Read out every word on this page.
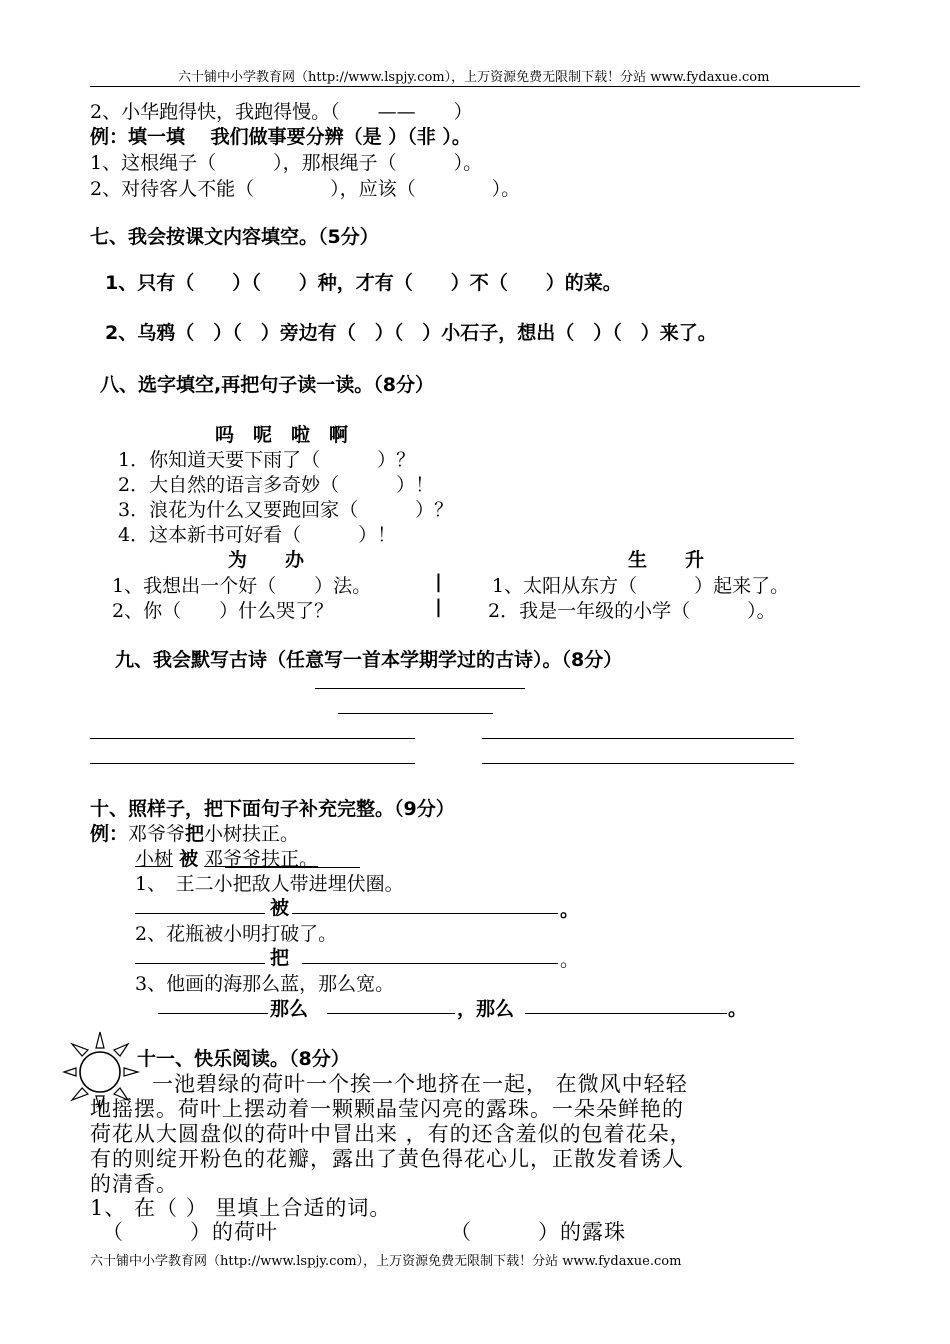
六十铺中小学教育网（http://www.lspjy.com），上万资源免费无限制下载！分站 www.fydaxue.com
2、小华跑得快，我跑得慢。（　　——　　）
例：填一填　 我们做事要分辨（是 ）（非 ）。
1、这根绳子（　　　），那根绳子（　　　）。
2、对待客人不能（　　　　），应该（　　　　）。
七、我会按课文内容填空。（5分）
1、只有（　　）（　　）种，才有（　　）不（　　）的菜。
2、乌鸦（　）（　）旁边有（　）（　）小石子，想出（　）（　）来了。
八、选字填空,再把句子读一读。（8分）
吗　呢　啦　啊
1．你知道天要下雨了（　　　）？
2．大自然的语言多奇妙（　　　）！
3．浪花为什么又要跑回家（　　　）？
4．这本新书可好看（　　　）！
为　　办	生　　升
1、我想出一个好（　　）法。	|	1、太阳从东方（　　　）起来了。
2、你（　　）什么哭了？	| 2．我是一年级的小学（　　　）。
九、我会默写古诗（任意写一首本学期学过的古诗）。（8分）
十、照样子，把下面句子补充完整。（9分）
例：邓爷爷把小树扶正。
小树 被 邓爷爷扶正。
1、　王二小把敌人带进埋伏圈。
被	。
2、花瓶被小明打破了。
把	。
3、他画的海那么蓝，那么宽。
那么	，那么	。
十一、快乐阅读。（8分）
　一池碧绿的荷叶一个挨一个地挤在一起， 在微风中轻轻
地摇摆。荷叶上摆动着一颗颗晶莹闪亮的露珠。一朵朵鲜艳的
荷花从大圆盘似的荷叶中冒出来 ，有的还含羞似的包着花朵，
有的则绽开粉色的花瓣，露出了黄色得花心儿，正散发着诱人
的清香。
1、 在（ ） 里填上合适的词。
（　　　）的荷叶	（　　　）的露珠
六十铺中小学教育网（http://www.lspjy.com），上万资源免费无限制下载！分站 www.fydaxue.com
